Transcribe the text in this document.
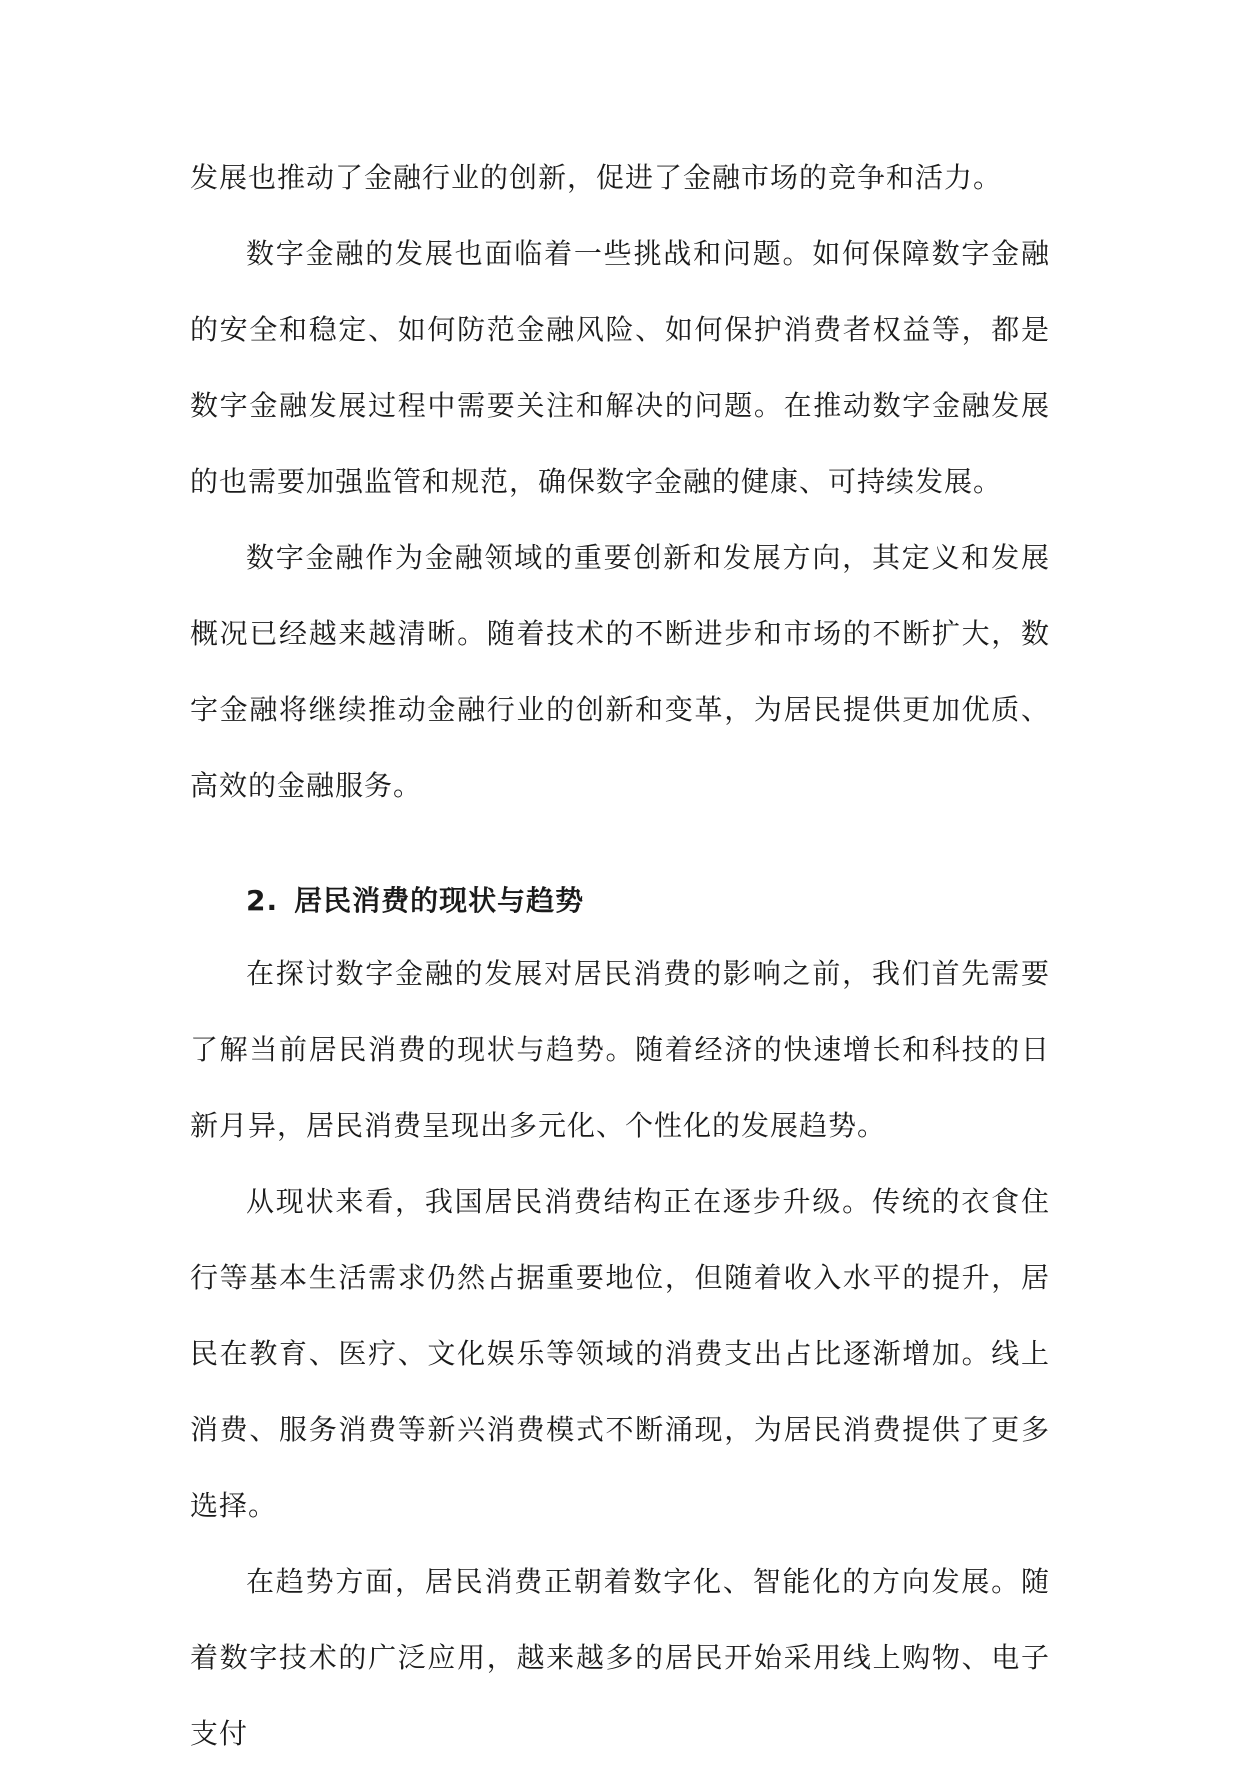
发展也推动了金融行业的创新，促进了金融市场的竞争和活力。

数字金融的发展也面临着一些挑战和问题。如何保障数字金融的安全和稳定、如何防范金融风险、如何保护消费者权益等，都是数字金融发展过程中需要关注和解决的问题。在推动数字金融发展的也需要加强监管和规范，确保数字金融的健康、可持续发展。

数字金融作为金融领域的重要创新和发展方向，其定义和发展概况已经越来越清晰。随着技术的不断进步和市场的不断扩大，数字金融将继续推动金融行业的创新和变革，为居民提供更加优质、高效的金融服务。

2. 居民消费的现状与趋势

在探讨数字金融的发展对居民消费的影响之前，我们首先需要了解当前居民消费的现状与趋势。随着经济的快速增长和科技的日新月异，居民消费呈现出多元化、个性化的发展趋势。

从现状来看，我国居民消费结构正在逐步升级。传统的衣食住行等基本生活需求仍然占据重要地位，但随着收入水平的提升，居民在教育、医疗、文化娱乐等领域的消费支出占比逐渐增加。线上消费、服务消费等新兴消费模式不断涌现，为居民消费提供了更多选择。

在趋势方面，居民消费正朝着数字化、智能化的方向发展。随着数字技术的广泛应用，越来越多的居民开始采用线上购物、电子支付
